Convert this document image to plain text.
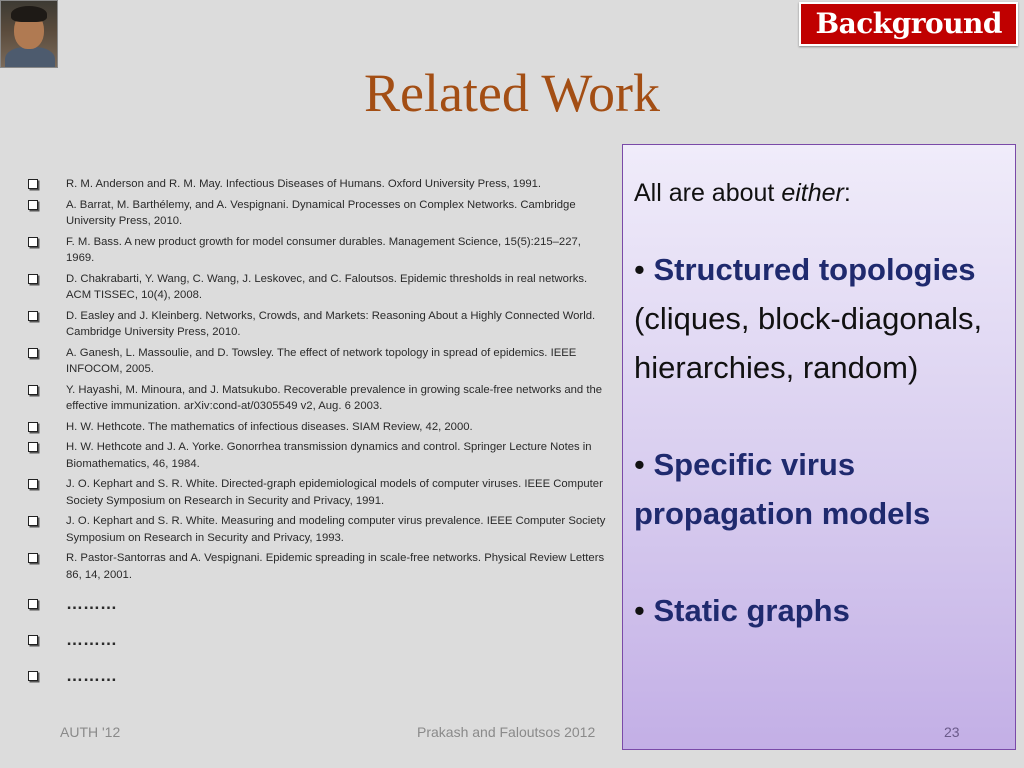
Background
Related Work
R. M. Anderson and R. M. May. Infectious Diseases of Humans. Oxford University Press, 1991.
A. Barrat, M. Barthélemy, and A. Vespignani. Dynamical Processes on Complex Networks. Cambridge University Press, 2010.
F. M. Bass. A new product growth for model consumer durables. Management Science, 15(5):215–227, 1969.
D. Chakrabarti, Y. Wang, C. Wang, J. Leskovec, and C. Faloutsos. Epidemic thresholds in real networks. ACM TISSEC, 10(4), 2008.
D. Easley and J. Kleinberg. Networks, Crowds, and Markets: Reasoning About a Highly Connected World. Cambridge University Press, 2010.
A. Ganesh, L. Massoulie, and D. Towsley. The effect of network topology in spread of epidemics. IEEE INFOCOM, 2005.
Y. Hayashi, M. Minoura, and J. Matsukubo. Recoverable prevalence in growing scale-free networks and the effective immunization. arXiv:cond-at/0305549 v2, Aug. 6 2003.
H. W. Hethcote. The mathematics of infectious diseases. SIAM Review, 42, 2000.
H. W. Hethcote and J. A. Yorke. Gonorrhea transmission dynamics and control. Springer Lecture Notes in Biomathematics, 46, 1984.
J. O. Kephart and S. R. White. Directed-graph epidemiological models of computer viruses. IEEE Computer Society Symposium on Research in Security and Privacy, 1991.
J. O. Kephart and S. R. White. Measuring and modeling computer virus prevalence. IEEE Computer Society Symposium on Research in Security and Privacy, 1993.
R. Pastor-Santorras and A. Vespignani. Epidemic spreading in scale-free networks. Physical Review Letters 86, 14, 2001.
………
………
………

All are about either:

• Structured topologies (cliques, block-diagonals, hierarchies, random)

• Specific virus propagation models

• Static graphs

AUTH '12	Prakash and Faloutsos 2012	23
